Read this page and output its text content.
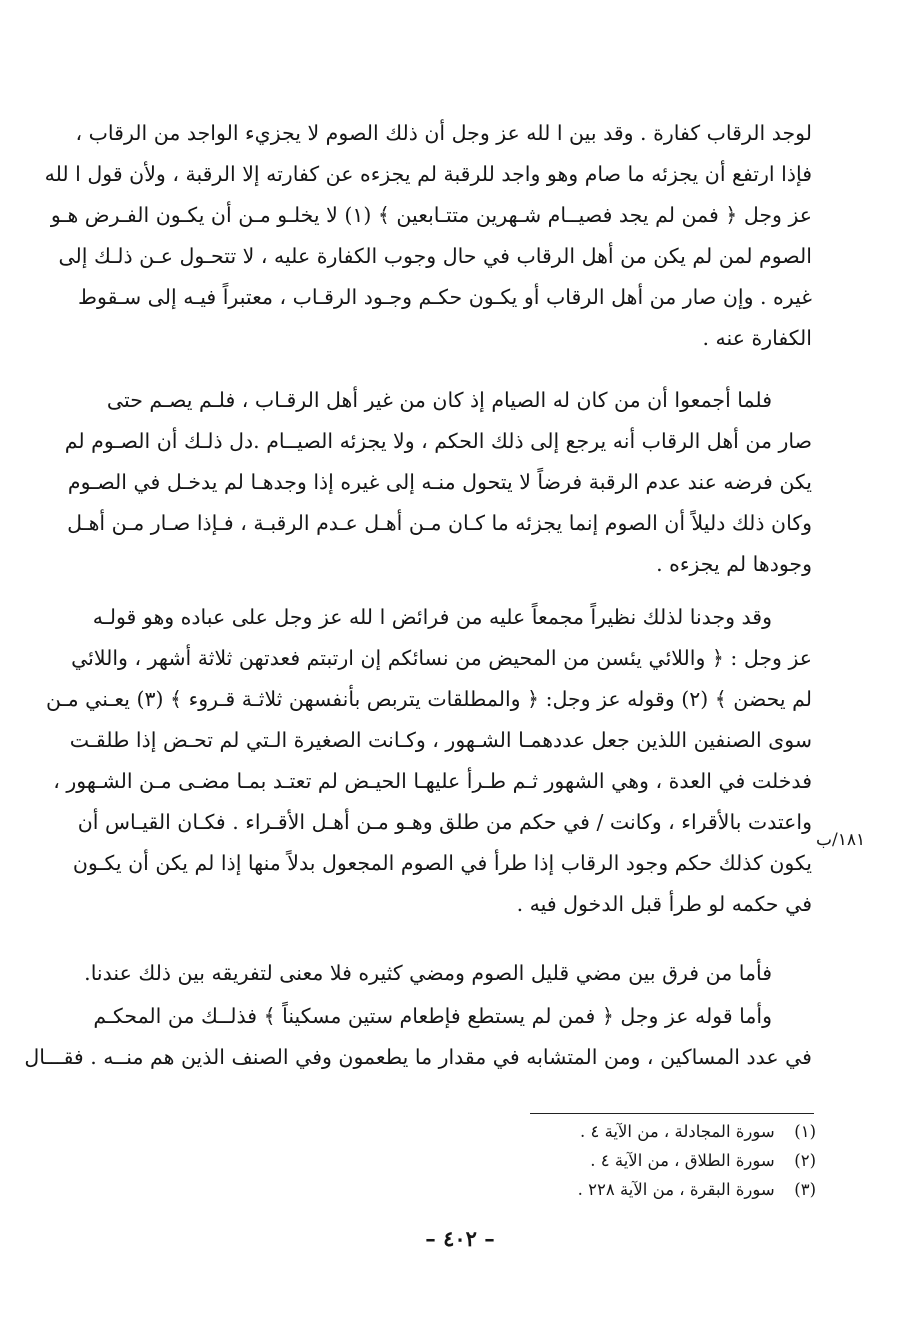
لوجد الرقاب كفارة . وقد بين ا لله عز وجل أن ذلك الصوم لا يجزيء الواجد من الرقاب ،
فإذا ارتفع أن يجزئه ما صام وهو واجد للرقبة لم يجزءه عن كفارته إلا الرقبة ، ولأن قول ا لله
عز وجل ﴿ فمن لم يجد فصيــام شـهرين متتـابعين ﴾ (١) لا يخلـو مـن أن يكـون الفـرض هـو
الصوم لمن لم يكن من أهل الرقاب في حال وجوب الكفارة عليه ، لا تتحـول عـن ذلـك إلى
غيره . وإن صار من أهل الرقاب أو يكـون حكـم وجـود الرقـاب ، معتبراً فيـه إلى سـقوط
الكفارة عنه .
فلما أجمعوا أن من كان له الصيام إذ كان من غير أهل الرقـاب ، فلـم يصـم حتى
صار من أهل الرقاب أنه يرجع إلى ذلك الحكم ، ولا يجزئه الصيــام .دل ذلـك أن الصـوم لم
يكن فرضه عند عدم الرقبة فرضاً لا يتحول منـه إلى غيره إذا وجدهـا لم يدخـل في الصـوم
وكان ذلك دليلاً أن الصوم إنما يجزئه ما كـان مـن أهـل عـدم الرقبـة ، فـإذا صـار مـن أهـل
وجودها لم يجزءه .
وقد وجدنا لذلك نظيراً مجمعاً عليه من فرائض ا لله عز وجل على عباده وهو قولـه
عز وجل : ﴿ واللائي يئسن من المحيض من نسائكم إن ارتبتم فعدتهن ثلاثة أشهر ، واللائي
لم يحضن ﴾ (٢) وقوله عز وجل: ﴿ والمطلقات يتربص بأنفسهن ثلاثـة قـروء ﴾ (٣) يعـني مـن
سوى الصنفين اللذين جعل عددهمـا الشـهور ، وكـانت الصغيرة الـتي لم تحـض إذا طلقـت
فدخلت في العدة ، وهي الشهور ثـم طـرأ عليهـا الحيـض لم تعتـد بمـا مضـى مـن الشـهور ،
واعتدت بالأقراء ، وكانت / في حكم من طلق وهـو مـن أهـل الأقـراء . فكـان القيـاس أن
يكون كذلك حكم وجود الرقاب إذا طرأ في الصوم المجعول بدلاً منها إذا لم يكن أن يكـون
في حكمه لو طرأ قبل الدخول فيه .
١٨١/ب
فأما من فرق بين مضي قليل الصوم ومضي كثيره فلا معنى لتفريقه بين ذلك عندنا.
وأما قوله عز وجل ﴿ فمن لم يستطع فإطعام ستين مسكيناً ﴾ فذلــك من المحكـم
في عدد المساكين ، ومن المتشابه في مقدار ما يطعمون وفي الصنف الذين هم منــه . فقـــال
(١) سورة المجادلة ، من الآية ٤ .
(٢) سورة الطلاق ، من الآية ٤ .
(٣) سورة البقرة ، من الآية ٢٢٨ .
– ٤٠٢ –
